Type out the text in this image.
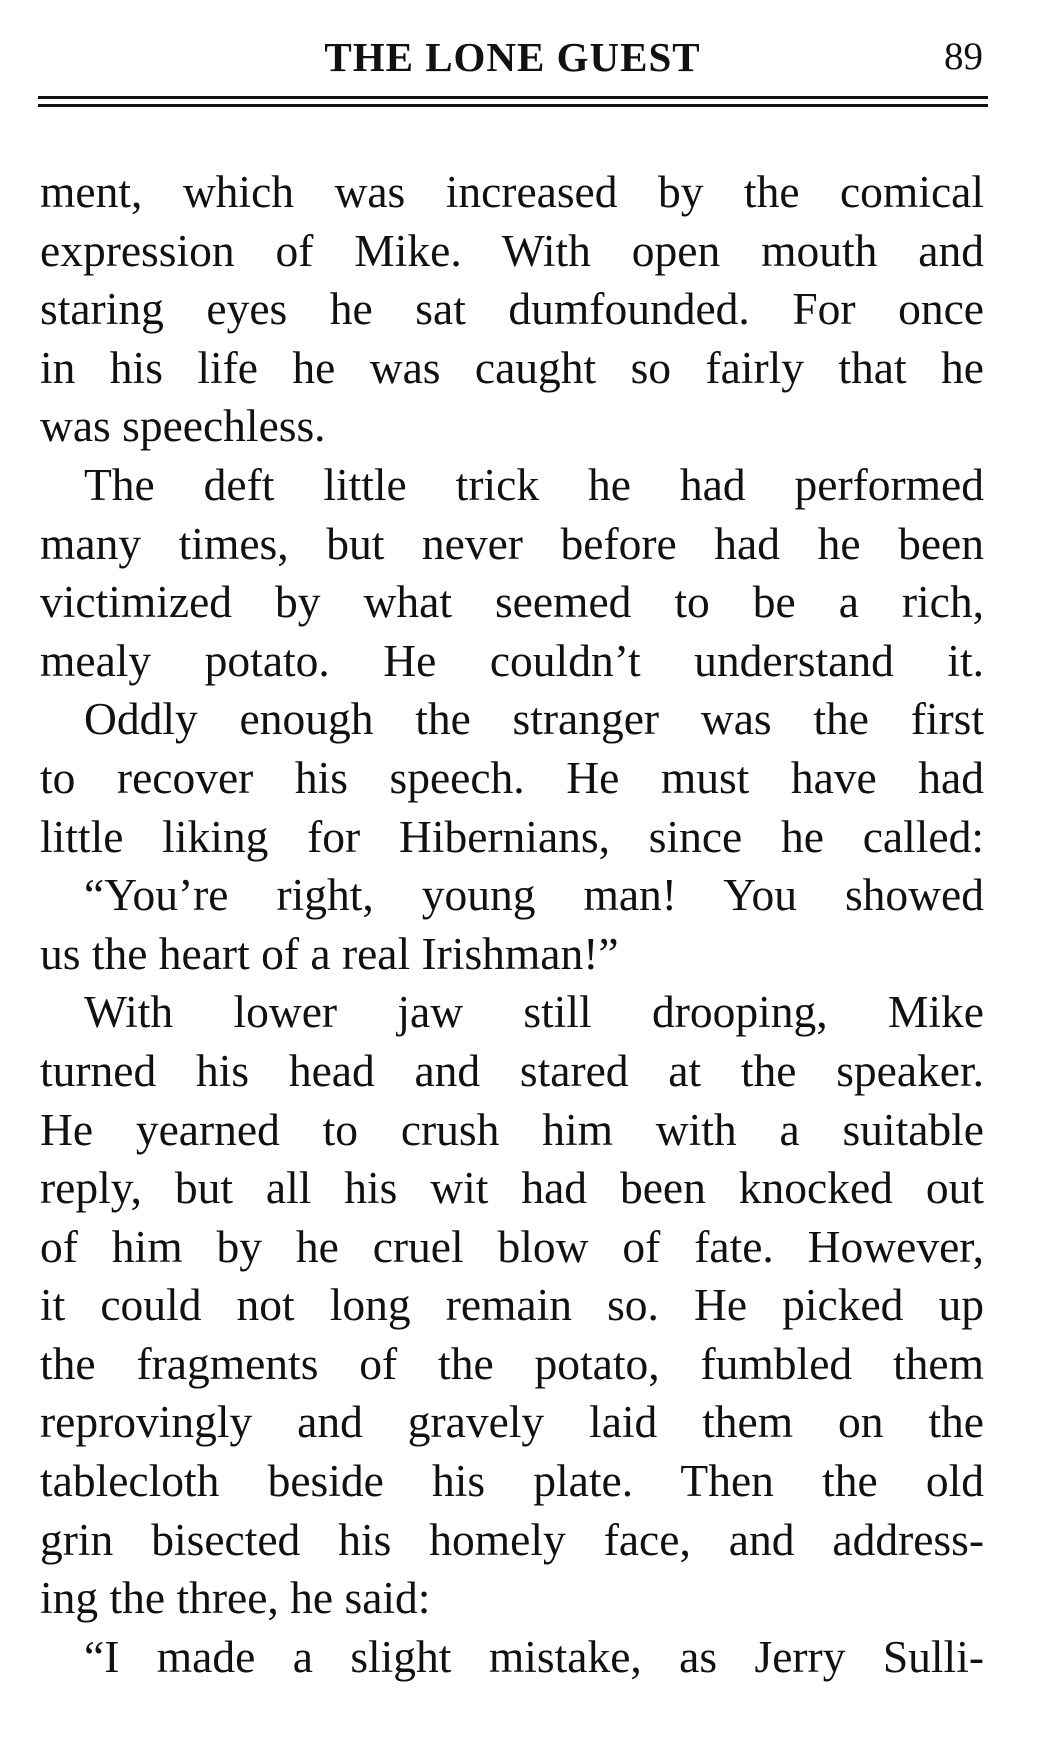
THE LONE GUEST	89
ment, which was increased by the comical
expression of Mike. With open mouth and
staring eyes he sat dumfounded. For once
in his life he was caught so fairly that he
was speechless.
The deft little trick he had performed
many times, but never before had he been
victimized by what seemed to be a rich,
mealy potato. He couldn’t understand it.
Oddly enough the stranger was the first
to recover his speech. He must have had
little liking for Hibernians, since he called:
“You’re right, young man! You showed
us the heart of a real Irishman!”
With lower jaw still drooping, Mike
turned his head and stared at the speaker.
He yearned to crush him with a suitable
reply, but all his wit had been knocked out
of him by he cruel blow of fate. However,
it could not long remain so. He picked up
the fragments of the potato, fumbled them
reprovingly and gravely laid them on the
tablecloth beside his plate. Then the old
grin bisected his homely face, and address-
ing the three, he said:
“I made a slight mistake, as Jerry Sulli-
